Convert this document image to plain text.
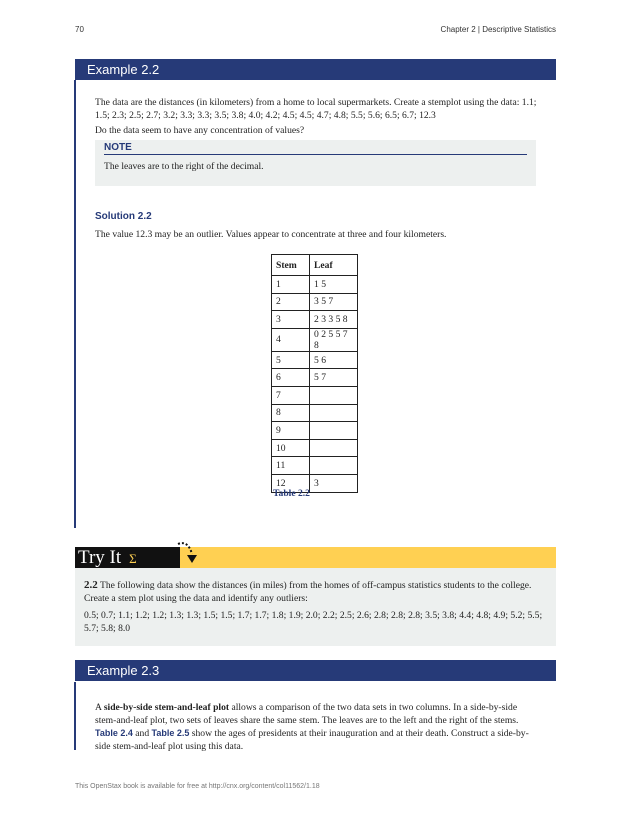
70	Chapter 2 | Descriptive Statistics
Example 2.2
The data are the distances (in kilometers) from a home to local supermarkets. Create a stemplot using the data: 1.1; 1.5; 2.3; 2.5; 2.7; 3.2; 3.3; 3.3; 3.5; 3.8; 4.0; 4.2; 4.5; 4.5; 4.7; 4.8; 5.5; 5.6; 6.5; 6.7; 12.3
Do the data seem to have any concentration of values?
NOTE

The leaves are to the right of the decimal.

Solution 2.2
The value 12.3 may be an outlier. Values appear to concentrate at three and four kilometers.
Stem	Leaf
1	1 5
2	3 5 7
3	2 3 3 5 8
4	0 2 5 5 7 8
5	5 6
6	5 7
7	
8	
9	
10	
11	
12	3
Table 2.2
Try It Σ
2.2 The following data show the distances (in miles) from the homes of off-campus statistics students to the college. Create a stem plot using the data and identify any outliers:
0.5; 0.7; 1.1; 1.2; 1.2; 1.3; 1.3; 1.5; 1.5; 1.7; 1.7; 1.8; 1.9; 2.0; 2.2; 2.5; 2.6; 2.8; 2.8; 2.8; 3.5; 3.8; 4.4; 4.8; 4.9; 5.2; 5.5; 5.7; 5.8; 8.0
Example 2.3
A side-by-side stem-and-leaf plot allows a comparison of the two data sets in two columns. In a side-by-side stem-and-leaf plot, two sets of leaves share the same stem. The leaves are to the left and the right of the stems. Table 2.4 and Table 2.5 show the ages of presidents at their inauguration and at their death. Construct a side-by-side stem-and-leaf plot using this data.
This OpenStax book is available for free at http://cnx.org/content/col11562/1.18
